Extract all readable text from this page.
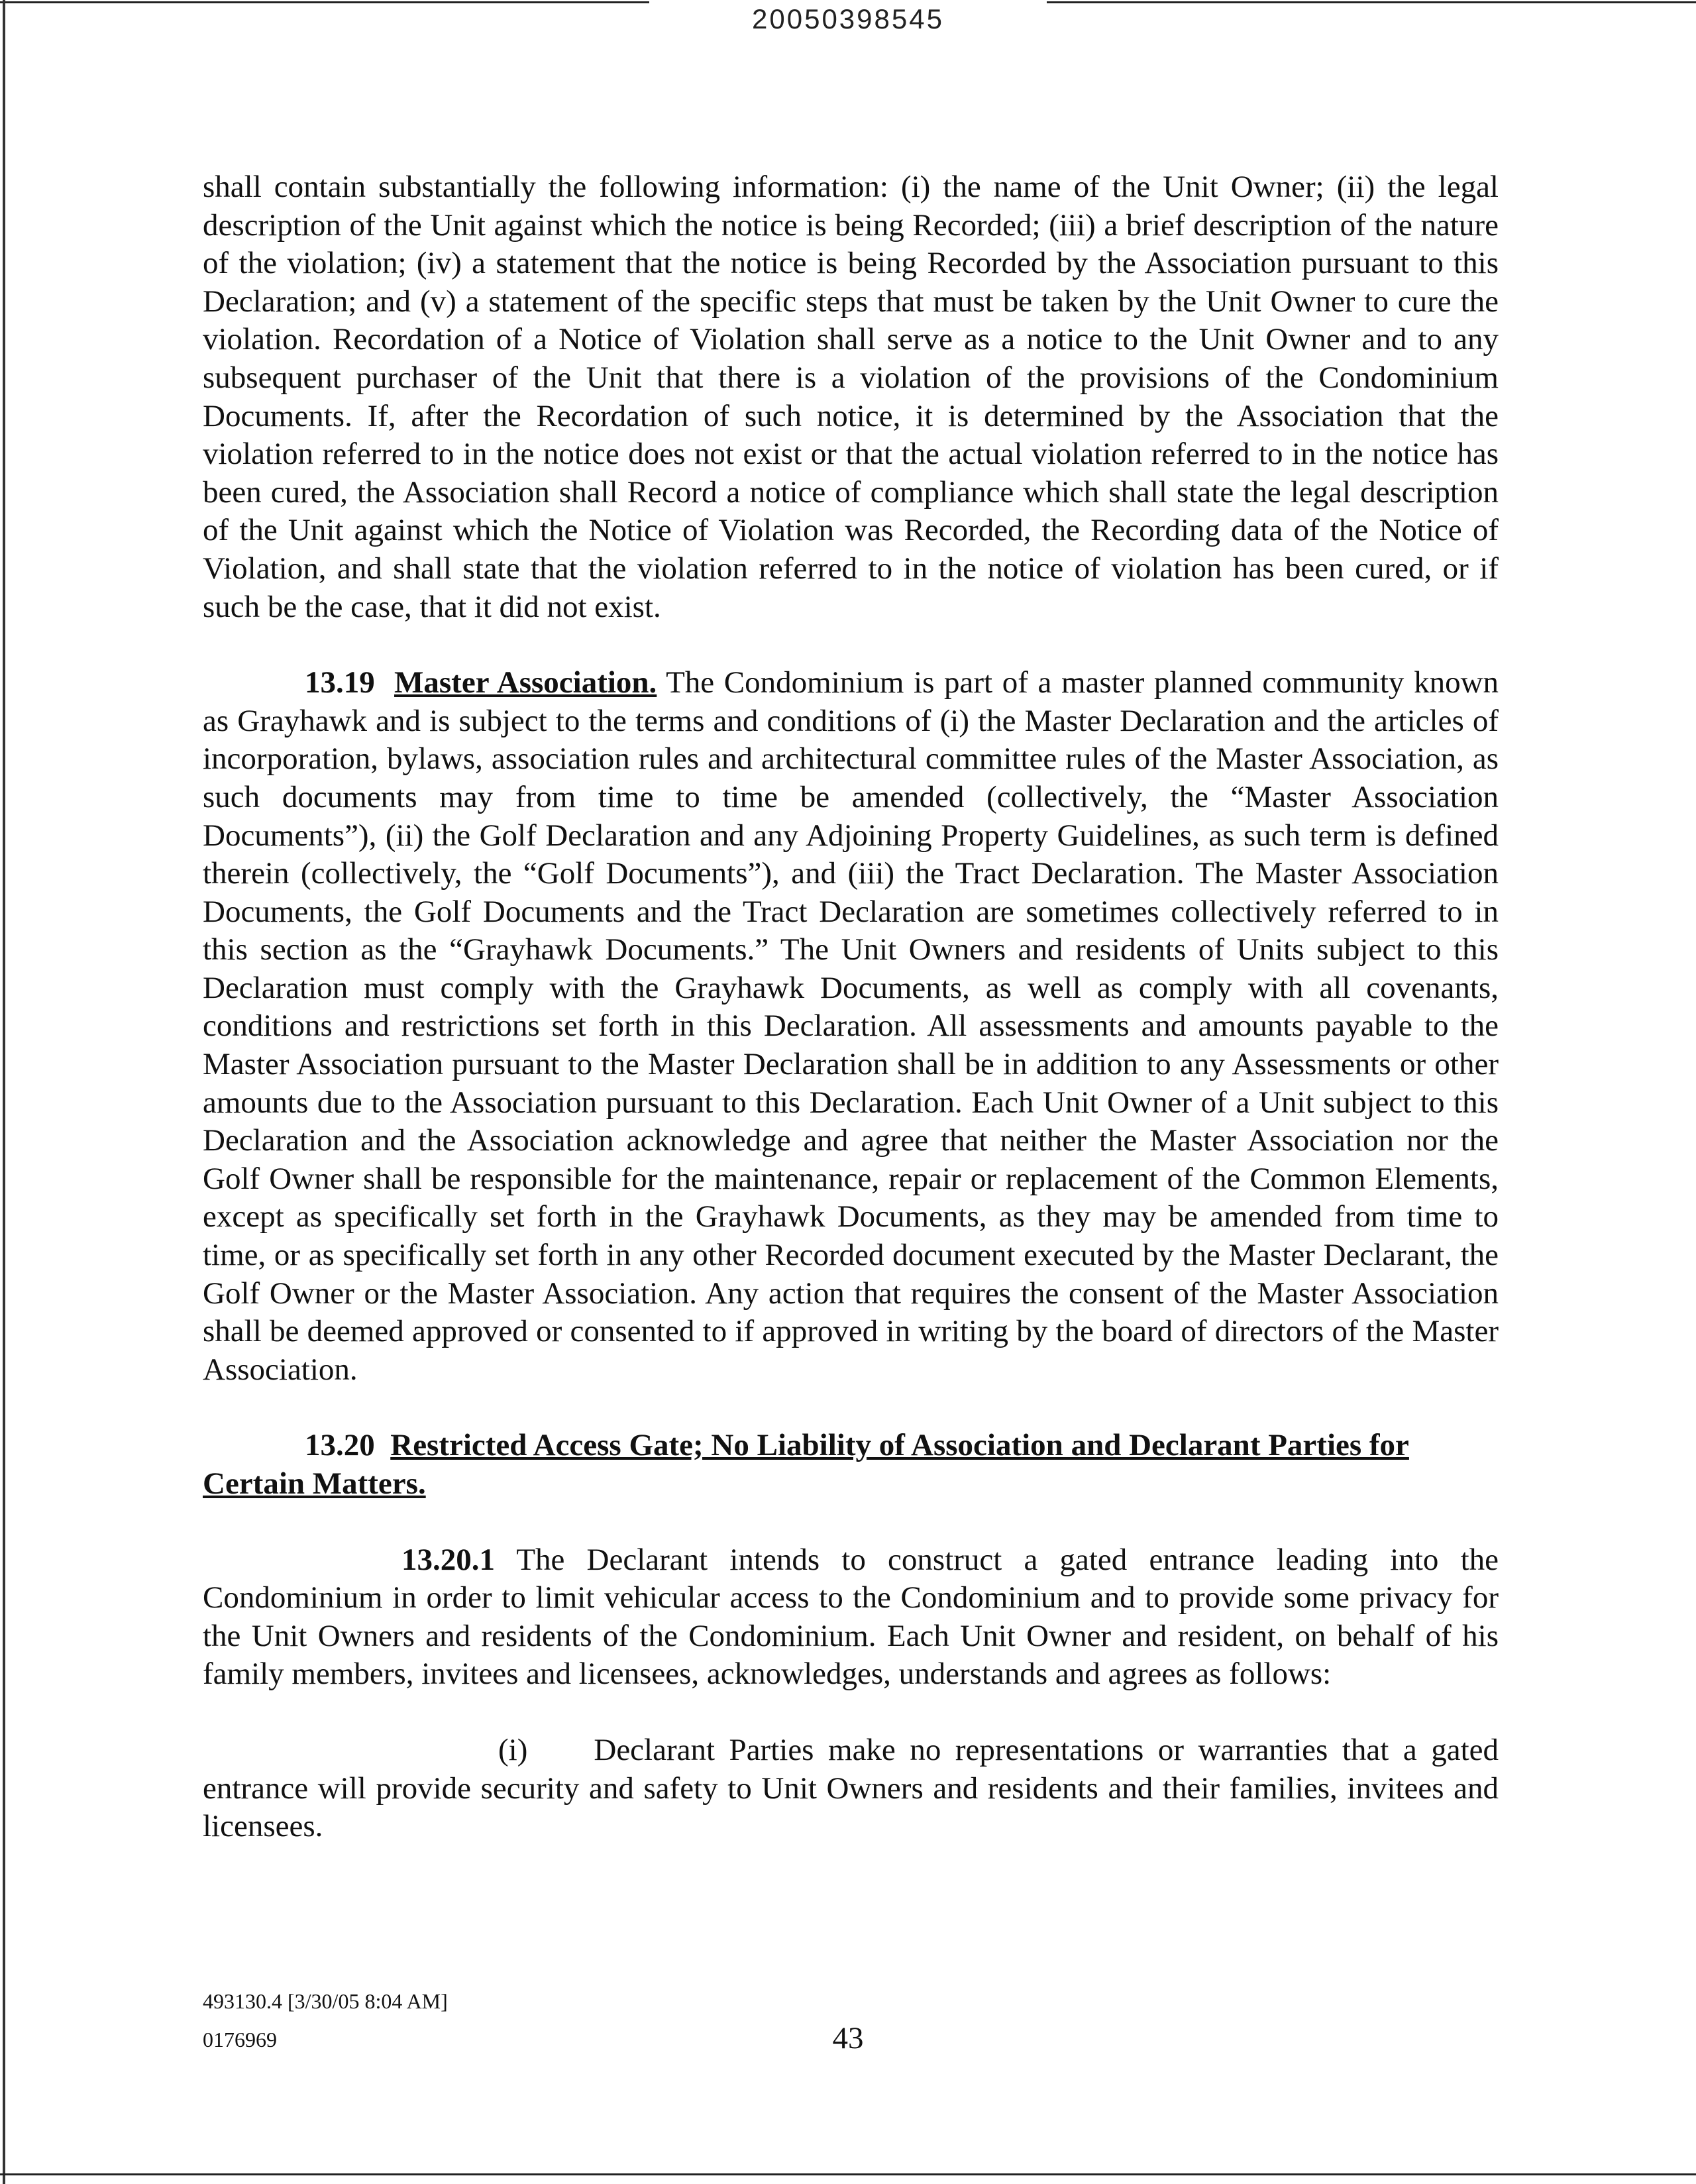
20050398545

shall contain substantially the following information: (i) the name of the Unit Owner; (ii) the legal description of the Unit against which the notice is being Recorded; (iii) a brief description of the nature of the violation; (iv) a statement that the notice is being Recorded by the Association pursuant to this Declaration; and (v) a statement of the specific steps that must be taken by the Unit Owner to cure the violation. Recordation of a Notice of Violation shall serve as a notice to the Unit Owner and to any subsequent purchaser of the Unit that there is a violation of the provisions of the Condominium Documents. If, after the Recordation of such notice, it is determined by the Association that the violation referred to in the notice does not exist or that the actual violation referred to in the notice has been cured, the Association shall Record a notice of compliance which shall state the legal description of the Unit against which the Notice of Violation was Recorded, the Recording data of the Notice of Violation, and shall state that the violation referred to in the notice of violation has been cured, or if such be the case, that it did not exist.

13.19 Master Association. The Condominium is part of a master planned community known as Grayhawk and is subject to the terms and conditions of (i) the Master Declaration and the articles of incorporation, bylaws, association rules and architectural committee rules of the Master Association, as such documents may from time to time be amended (collectively, the “Master Association Documents”), (ii) the Golf Declaration and any Adjoining Property Guidelines, as such term is defined therein (collectively, the “Golf Documents”), and (iii) the Tract Declaration. The Master Association Documents, the Golf Documents and the Tract Declaration are sometimes collectively referred to in this section as the “Grayhawk Documents.” The Unit Owners and residents of Units subject to this Declaration must comply with the Grayhawk Documents, as well as comply with all covenants, conditions and restrictions set forth in this Declaration. All assessments and amounts payable to the Master Association pursuant to the Master Declaration shall be in addition to any Assessments or other amounts due to the Association pursuant to this Declaration. Each Unit Owner of a Unit subject to this Declaration and the Association acknowledge and agree that neither the Master Association nor the Golf Owner shall be responsible for the maintenance, repair or replacement of the Common Elements, except as specifically set forth in the Grayhawk Documents, as they may be amended from time to time, or as specifically set forth in any other Recorded document executed by the Master Declarant, the Golf Owner or the Master Association. Any action that requires the consent of the Master Association shall be deemed approved or consented to if approved in writing by the board of directors of the Master Association.

13.20 Restricted Access Gate; No Liability of Association and Declarant Parties for Certain Matters.

13.20.1 The Declarant intends to construct a gated entrance leading into the Condominium in order to limit vehicular access to the Condominium and to provide some privacy for the Unit Owners and residents of the Condominium. Each Unit Owner and resident, on behalf of his family members, invitees and licensees, acknowledges, understands and agrees as follows:

(i) Declarant Parties make no representations or warranties that a gated entrance will provide security and safety to Unit Owners and residents and their families, invitees and licensees.

493130.4 [3/30/05 8:04 AM]
0176969	43
